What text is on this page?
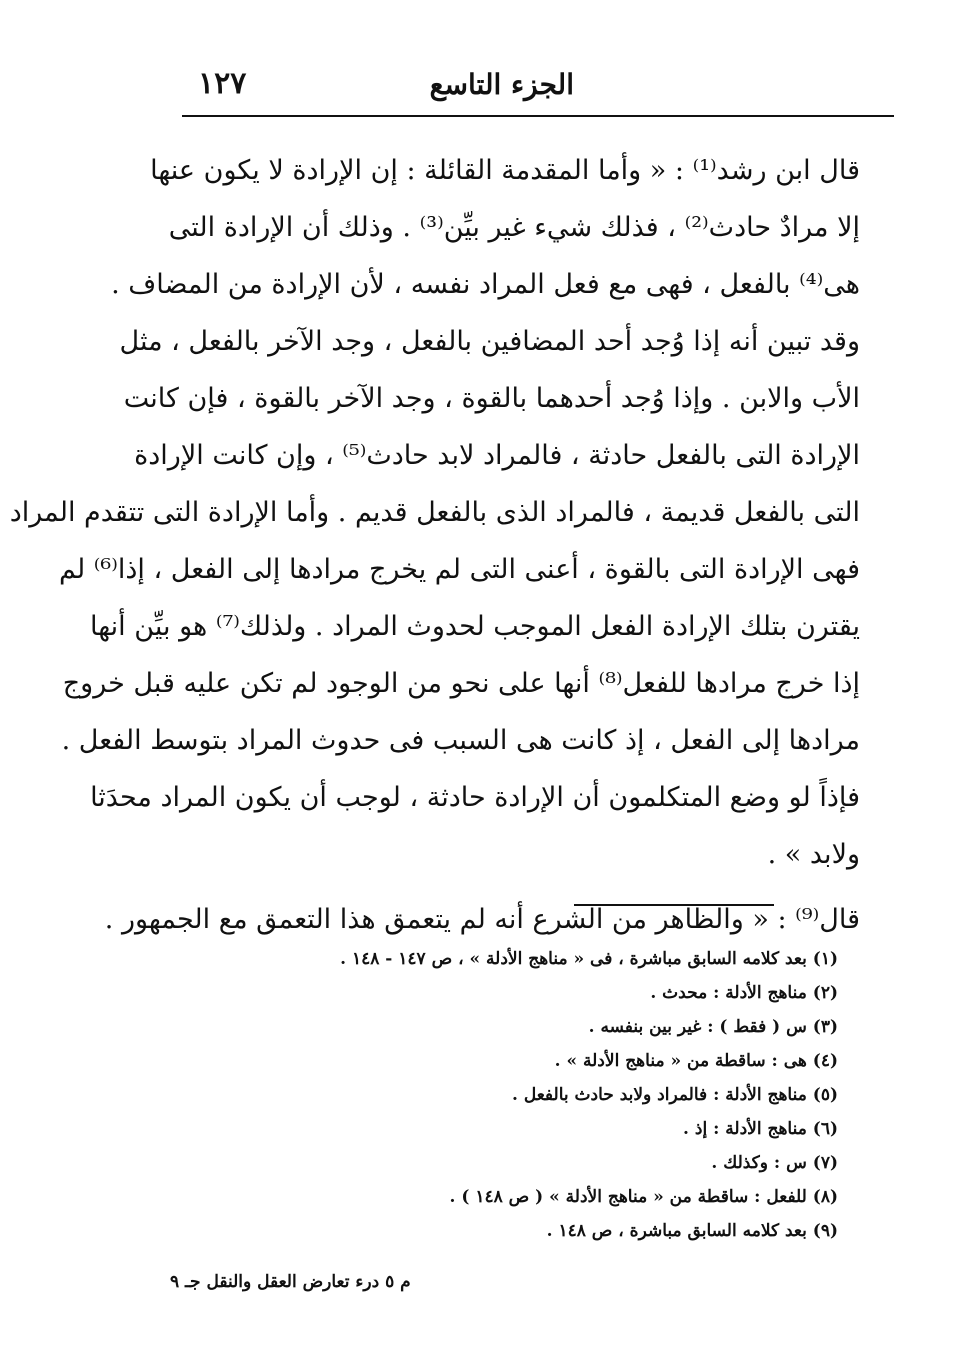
الجزء التاسع
١٢٧
قال ابن رشد⁽¹⁾ : « وأما المقدمة القائلة : إن الإرادة لا يكون عنها
إلا مرادٌ حادث⁽²⁾ ، فذلك شيء غير بيِّن⁽³⁾ . وذلك أن الإرادة التى
هى⁽⁴⁾ بالفعل ، فهى مع فعل المراد نفسه ، لأن الإرادة من المضاف .
وقد تبين أنه إذا وُجد أحد المضافين بالفعل ، وجد الآخر بالفعل ، مثل
الأب والابن . وإذا وُجد أحدهما بالقوة ، وجد الآخر بالقوة ، فإن كانت
الإرادة التى بالفعل حادثة ، فالمراد لابد حادث⁽⁵⁾ ، وإن كانت الإرادة
التى بالفعل قديمة ، فالمراد الذى بالفعل قديم . وأما الإرادة التى تتقدم المراد
فهى الإرادة التى بالقوة ، أعنى التى لم يخرج مرادها إلى الفعل ، إذا⁽⁶⁾ لم
يقترن بتلك الإرادة الفعل الموجب لحدوث المراد . ولذلك⁽⁷⁾ هو بيِّن أنها
إذا خرج مرادها للفعل⁽⁸⁾ أنها على نحو من الوجود لم تكن عليه قبل خروج
مرادها إلى الفعل ، إذ كانت هى السبب فى حدوث المراد بتوسط الفعل .
فإذاً لو وضع المتكلمون أن الإرادة حادثة ، لوجب أن يكون المراد محدَثا
ولابد » .
قال⁽⁹⁾ : « والظاهر من الشرع أنه لم يتعمق هذا التعمق مع الجمهور .
(١) بعد كلامه السابق مباشرة ، فى « مناهج الأدلة » ، ص ١٤٧ - ١٤٨ .
(٢) مناهج الأدلة : محدث .
(٣) س ( فقط ) : غير بين بنفسه .
(٤) هى : ساقطة من « مناهج الأدلة » .
(٥) مناهج الأدلة : فالمراد ولابد حادث بالفعل .
(٦) مناهج الأدلة : إذ .
(٧) س : وكذلك .
(٨) للفعل : ساقطة من « مناهج الأدلة » ( ص ١٤٨ ) .
(٩) بعد كلامه السابق مباشرة ، ص ١٤٨ .
م ٥ درء تعارض العقل والنقل جـ ٩
